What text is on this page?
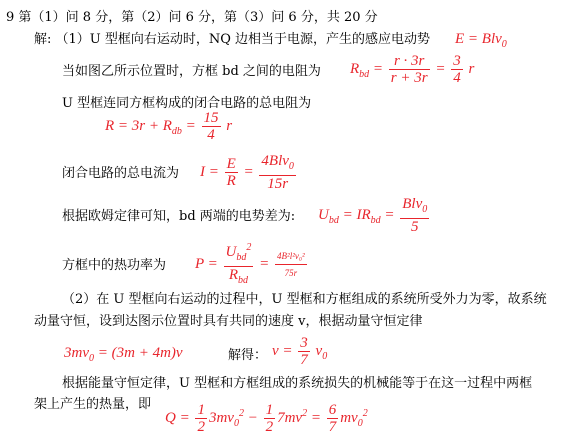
9 第（1）问 8 分，第（2）问 6 分，第（3）问 6 分，共 20 分
解: （1）U 型框向右运动时，NQ 边相当于电源，产生的感应电动势 E = Blv$_0$
当如图乙所示位置时，方框 bd 之间的电阻为 $R_{bd} = \frac{r \cdot 3r}{r + 3r} = \frac{3}{4}$ r
U 型框连同方框构成的闭合电路的总电阻为
$R = 3r + R_{db} = \frac{15}{4}$ r
闭合电路的总电流为 $I = \frac{E}{R} = \frac{4Blv_0}{15r}$
根据欧姆定律可知，bd 两端的电势差为: $U_{bd} = IR_{bd} = \frac{Blv_0}{5}$
方框中的热功率为 $P = \frac{U_{bd}^2}{R_{bd}} = \frac{\text{4B²l²v₀²}}{75r}$
（2）在 U 型框向右运动的过程中，U 型框和方框组成的系统所受外力为零，故系统
动量守恒，设到达图示位置时具有共同的速度 v，根据动量守恒定律
$3mv_0 = (3m + 4m)v$	解得： $v = \frac{3}{7} v_0$
根据能量守恒定律，U 型框和方框组成的系统损失的机械能等于在这一过程中两框
架上产生的热量，即
$Q = \frac{1}{2} 3mv_0^2 - \frac{1}{2} 7mv^2 = \frac{6}{7} mv_0^2$
